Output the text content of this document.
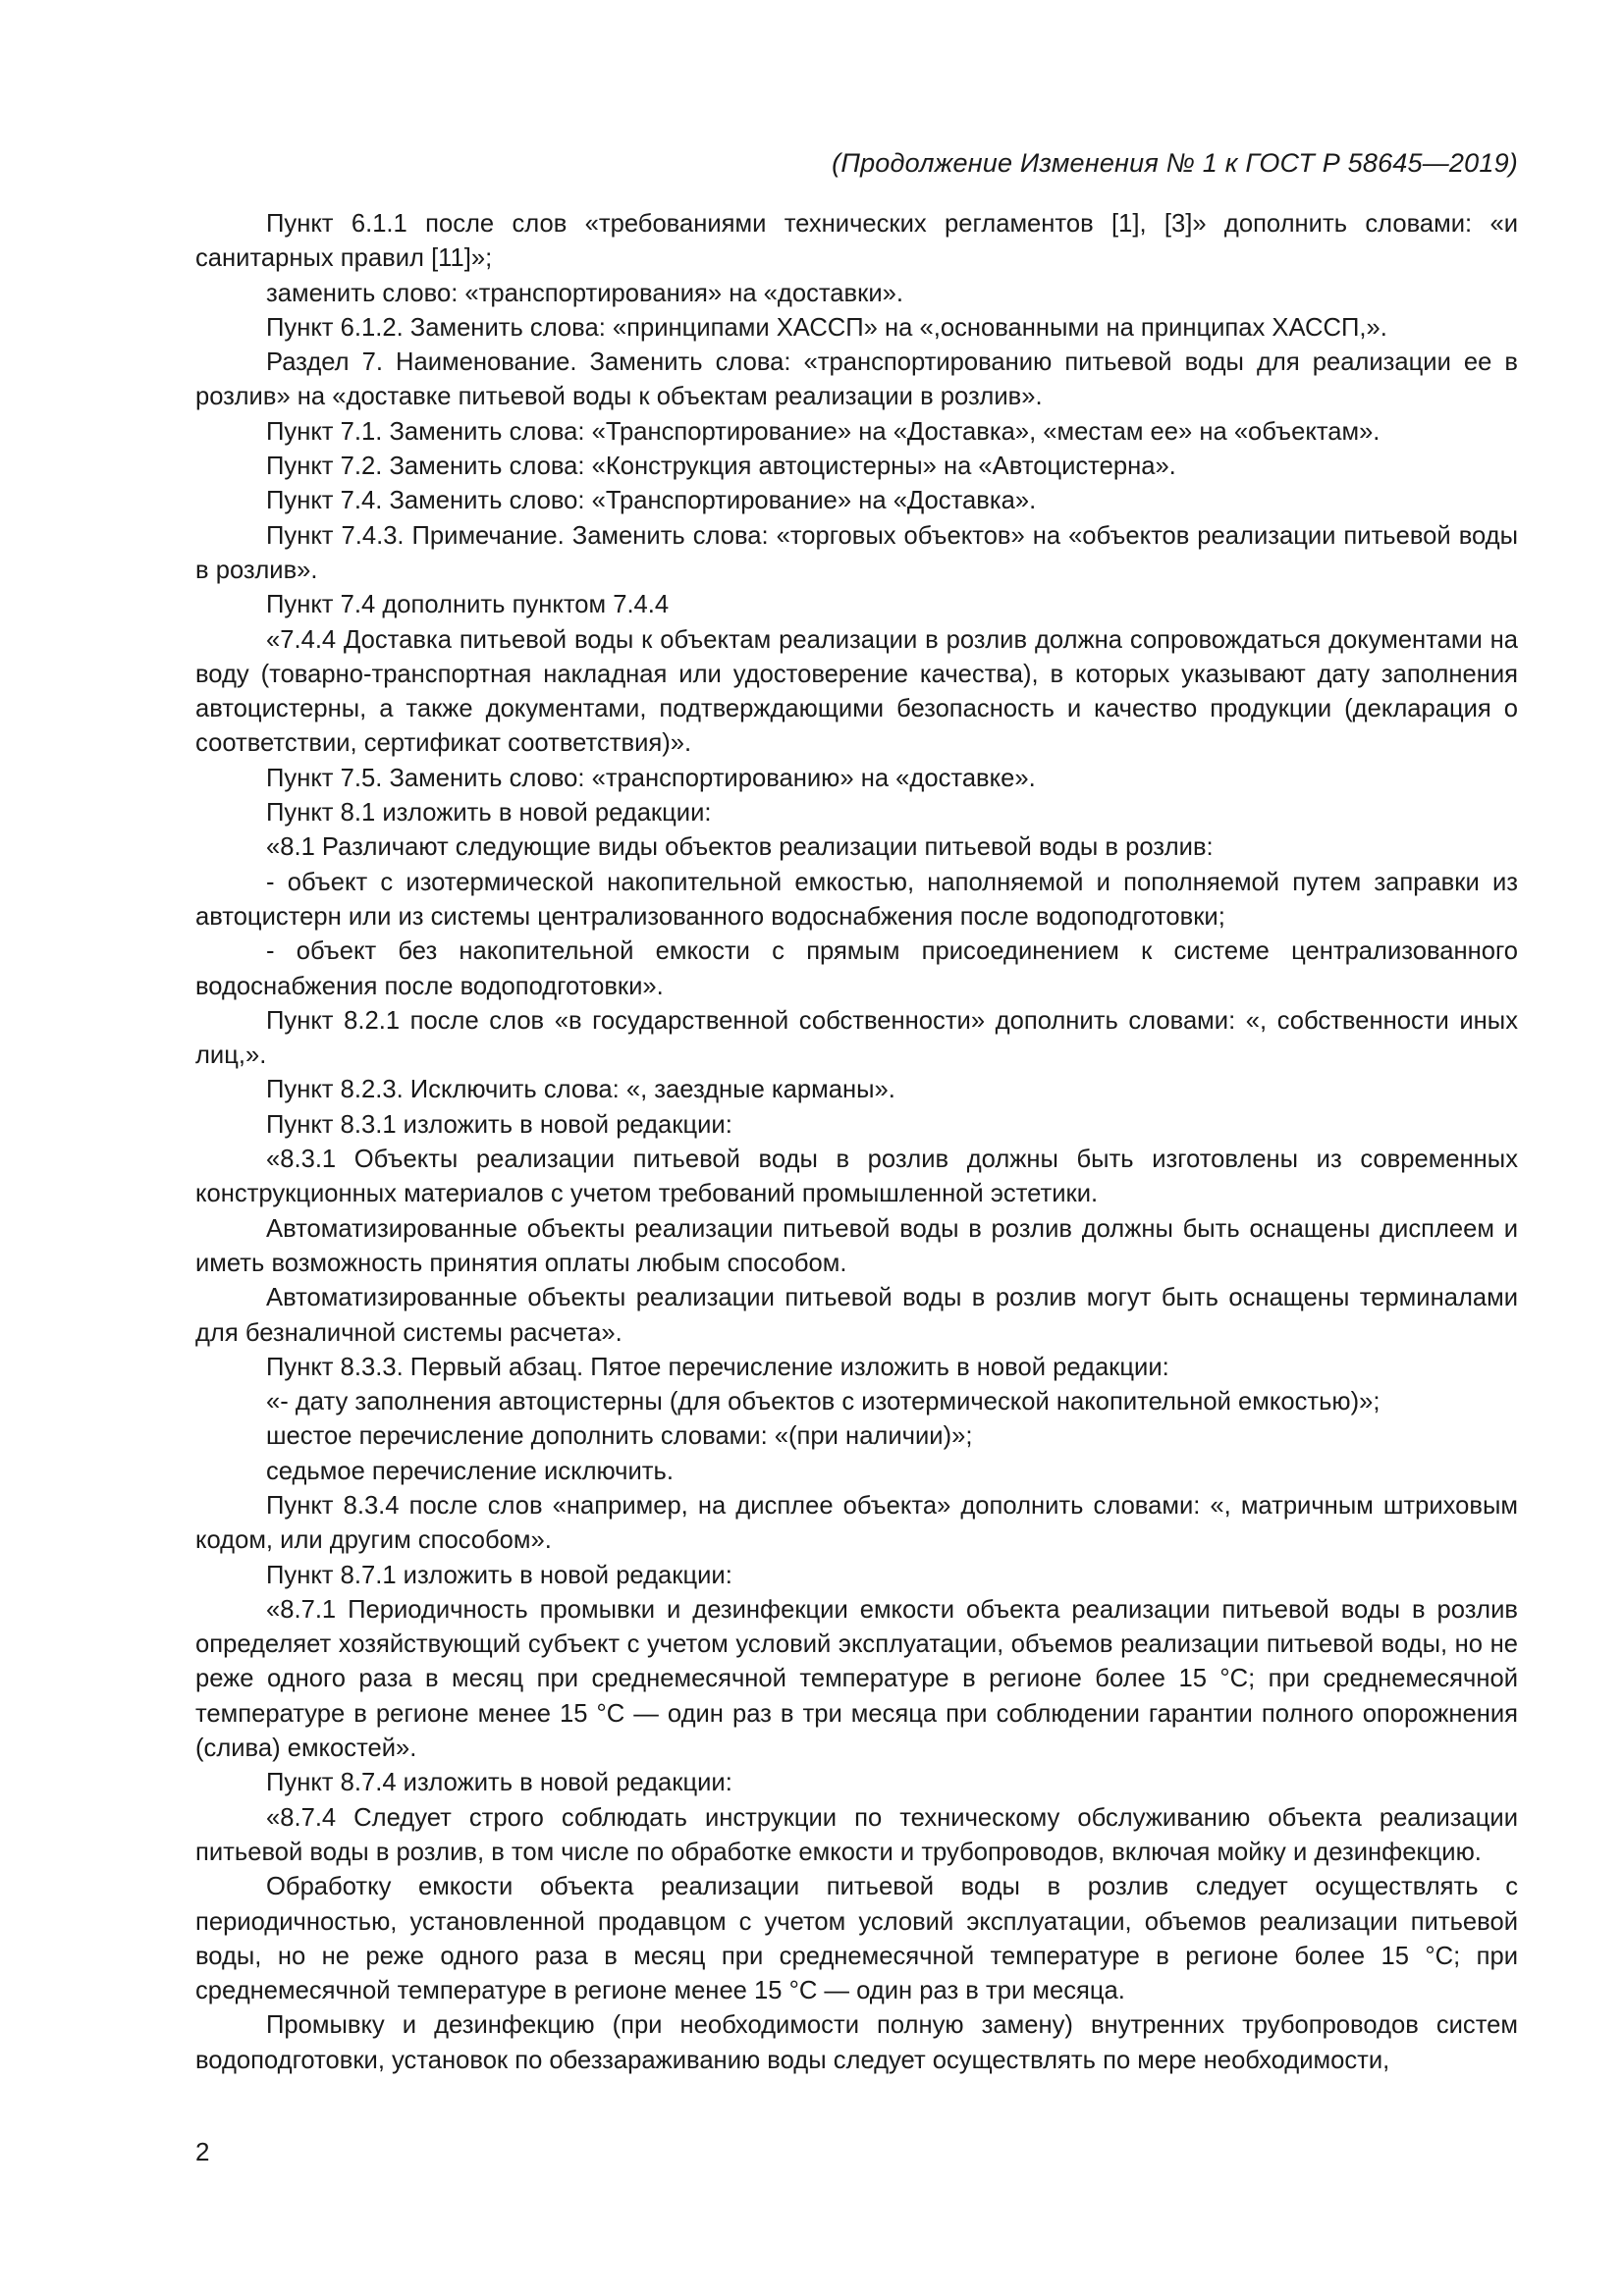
(Продолжение Изменения № 1 к ГОСТ Р 58645—2019)

Пункт 6.1.1 после слов «требованиями технических регламентов [1], [3]» дополнить словами: «и санитарных правил [11]»;

заменить слово: «транспортирования» на «доставки».

Пункт 6.1.2. Заменить слова: «принципами ХАССП» на «,основанными на принципах ХАССП,».

Раздел 7. Наименование. Заменить слова: «транспортированию питьевой воды для реализации ее в розлив» на «доставке питьевой воды к объектам реализации в розлив».

Пункт 7.1. Заменить слова: «Транспортирование» на «Доставка», «местам ее» на «объектам».

Пункт 7.2. Заменить слова: «Конструкция автоцистерны» на «Автоцистерна».

Пункт 7.4. Заменить слово: «Транспортирование» на «Доставка».

Пункт 7.4.3. Примечание. Заменить слова: «торговых объектов» на «объектов реализации питьевой воды в розлив».

Пункт 7.4 дополнить пунктом 7.4.4

«7.4.4 Доставка питьевой воды к объектам реализации в розлив должна сопровождаться документами на воду (товарно-транспортная накладная или удостоверение качества), в которых указывают дату заполнения автоцистерны, а также документами, подтверждающими безопасность и качество продукции (декларация о соответствии, сертификат соответствия)».

Пункт 7.5. Заменить слово: «транспортированию» на «доставке».

Пункт 8.1 изложить в новой редакции:

«8.1 Различают следующие виды объектов реализации питьевой воды в розлив:

- объект с изотермической накопительной емкостью, наполняемой и пополняемой путем заправки из автоцистерн или из системы централизованного водоснабжения после водоподготовки;

- объект без накопительной емкости с прямым присоединением к системе централизованного водоснабжения после водоподготовки».

Пункт 8.2.1 после слов «в государственной собственности» дополнить словами: «, собственности иных лиц,».

Пункт 8.2.3. Исключить слова: «, заездные карманы».

Пункт 8.3.1 изложить в новой редакции:

«8.3.1 Объекты реализации питьевой воды в розлив должны быть изготовлены из современных конструкционных материалов с учетом требований промышленной эстетики.

Автоматизированные объекты реализации питьевой воды в розлив должны быть оснащены дисплеем и иметь возможность принятия оплаты любым способом.

Автоматизированные объекты реализации питьевой воды в розлив могут быть оснащены терминалами для безналичной системы расчета».

Пункт 8.3.3. Первый абзац. Пятое перечисление изложить в новой редакции:

«- дату заполнения автоцистерны (для объектов с изотермической накопительной емкостью)»;

шестое перечисление дополнить словами: «(при наличии)»;

седьмое перечисление исключить.

Пункт 8.3.4 после слов «например, на дисплее объекта» дополнить словами: «, матричным штриховым кодом, или другим способом».

Пункт 8.7.1 изложить в новой редакции:

«8.7.1 Периодичность промывки и дезинфекции емкости объекта реализации питьевой воды в розлив определяет хозяйствующий субъект с учетом условий эксплуатации, объемов реализации питьевой воды, но не реже одного раза в месяц при среднемесячной температуре в регионе более 15 °С; при среднемесячной температуре в регионе менее 15 °С — один раз в три месяца при соблюдении гарантии полного опорожнения (слива) емкостей».

Пункт 8.7.4 изложить в новой редакции:

«8.7.4 Следует строго соблюдать инструкции по техническому обслуживанию объекта реализации питьевой воды в розлив, в том числе по обработке емкости и трубопроводов, включая мойку и дезинфекцию.

Обработку емкости объекта реализации питьевой воды в розлив следует осуществлять с периодичностью, установленной продавцом с учетом условий эксплуатации, объемов реализации питьевой воды, но не реже одного раза в месяц при среднемесячной температуре в регионе более 15 °С; при среднемесячной температуре в регионе менее 15 °С — один раз в три месяца.

Промывку и дезинфекцию (при необходимости полную замену) внутренних трубопроводов систем водоподготовки, установок по обеззараживанию воды следует осуществлять по мере необходимости,

2
